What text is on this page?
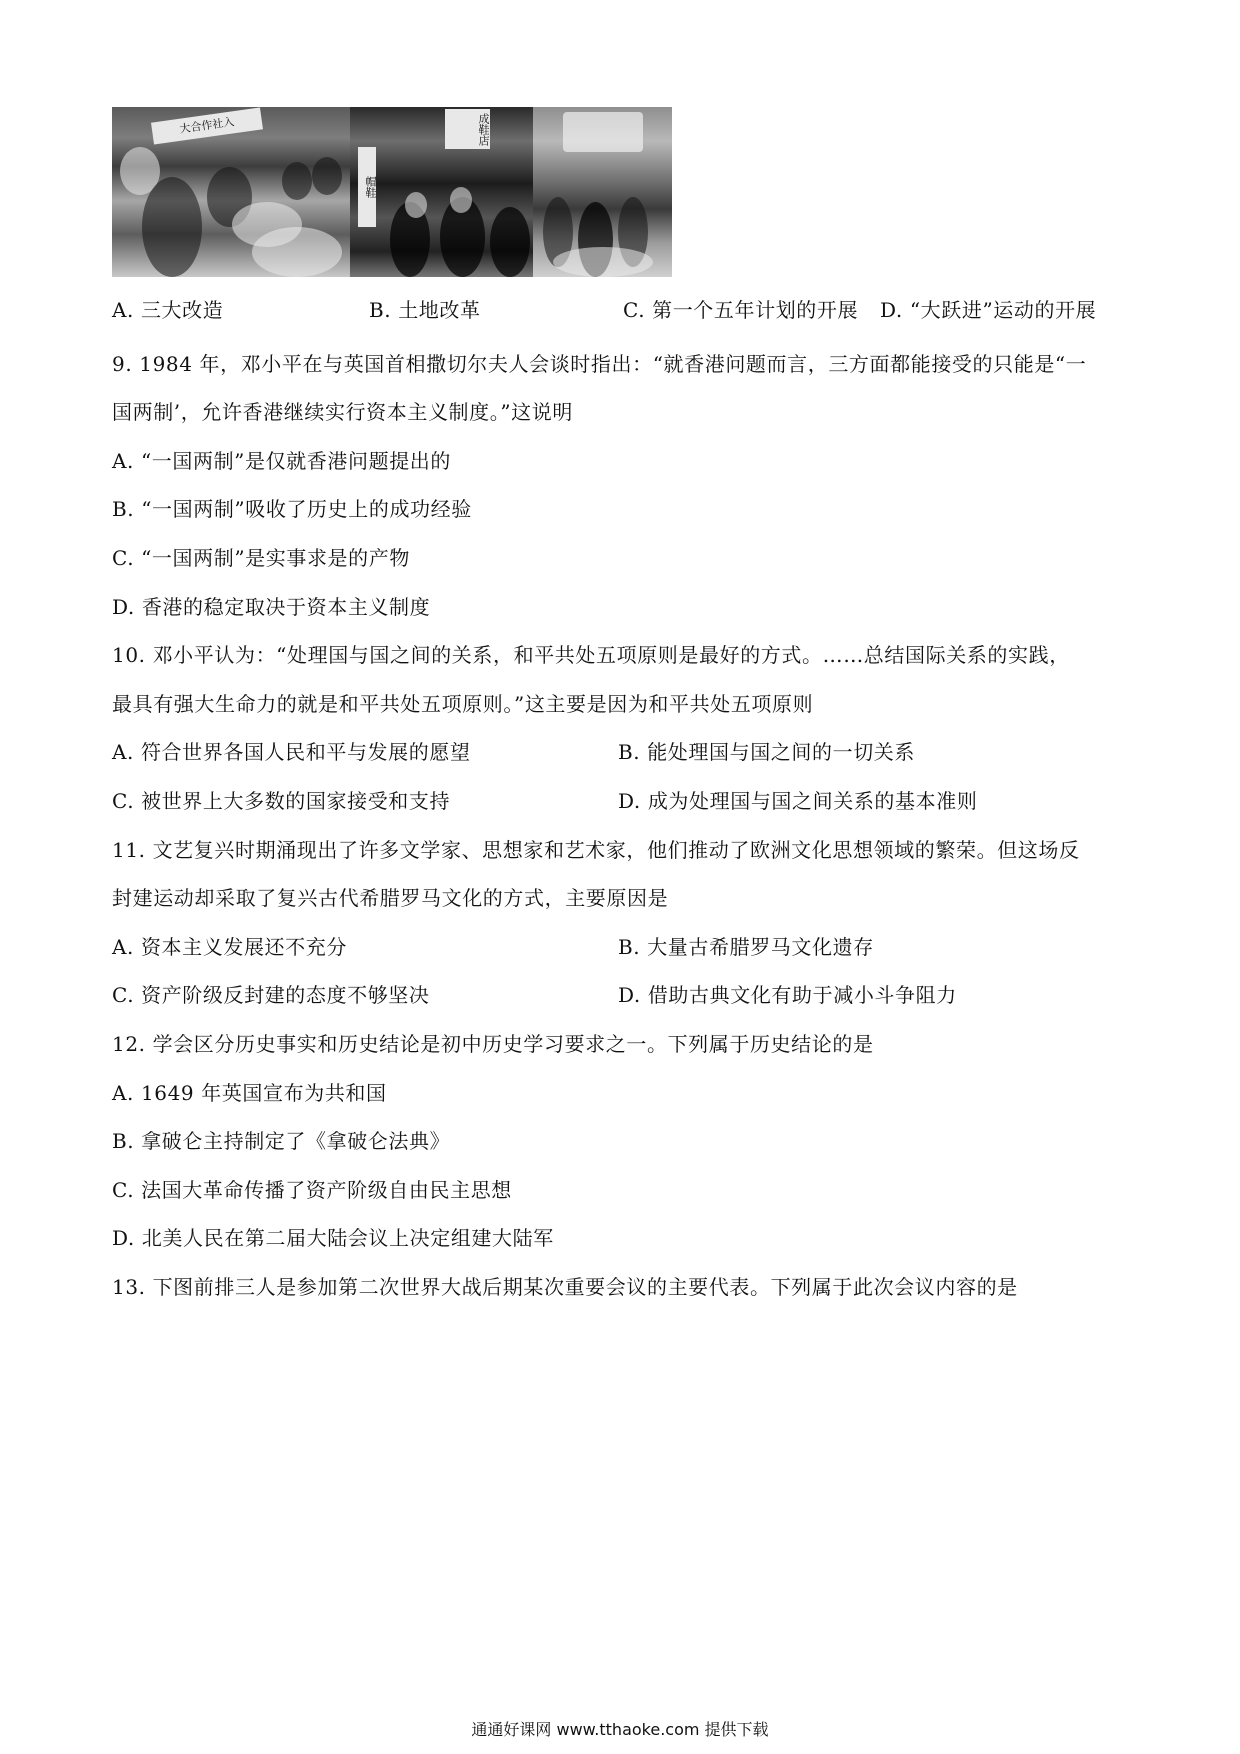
大合作社入	成鞋店
帽鞋
A. 三大改造	B. 土地改革	C. 第一个五年计划的开展 D. “大跃进”运动的开展
9. 1984 年，邓小平在与英国首相撒切尔夫人会谈时指出：“就香港问题而言，三方面都能接受的只能是“一
国两制’，允许香港继续实行资本主义制度。”这说明
A. “一国两制”是仅就香港问题提出的
B. “一国两制”吸收了历史上的成功经验
C. “一国两制”是实事求是的产物
D. 香港的稳定取决于资本主义制度
10. 邓小平认为：“处理国与国之间的关系，和平共处五项原则是最好的方式。……总结国际关系的实践，
最具有强大生命力的就是和平共处五项原则。”这主要是因为和平共处五项原则
A. 符合世界各国人民和平与发展的愿望	B. 能处理国与国之间的一切关系
C. 被世界上大多数的国家接受和支持	D. 成为处理国与国之间关系的基本准则
11. 文艺复兴时期涌现出了许多文学家、思想家和艺术家，他们推动了欧洲文化思想领域的繁荣。但这场反
封建运动却采取了复兴古代希腊罗马文化的方式，主要原因是
A. 资本主义发展还不充分	B. 大量古希腊罗马文化遗存
C. 资产阶级反封建的态度不够坚决	D. 借助古典文化有助于减小斗争阻力
12. 学会区分历史事实和历史结论是初中历史学习要求之一。下列属于历史结论的是
A. 1649 年英国宣布为共和国
B. 拿破仑主持制定了《拿破仑法典》
C. 法国大革命传播了资产阶级自由民主思想
D. 北美人民在第二届大陆会议上决定组建大陆军
13. 下图前排三人是参加第二次世界大战后期某次重要会议的主要代表。下列属于此次会议内容的是
通通好课网 www.tthaoke.com 提供下载
